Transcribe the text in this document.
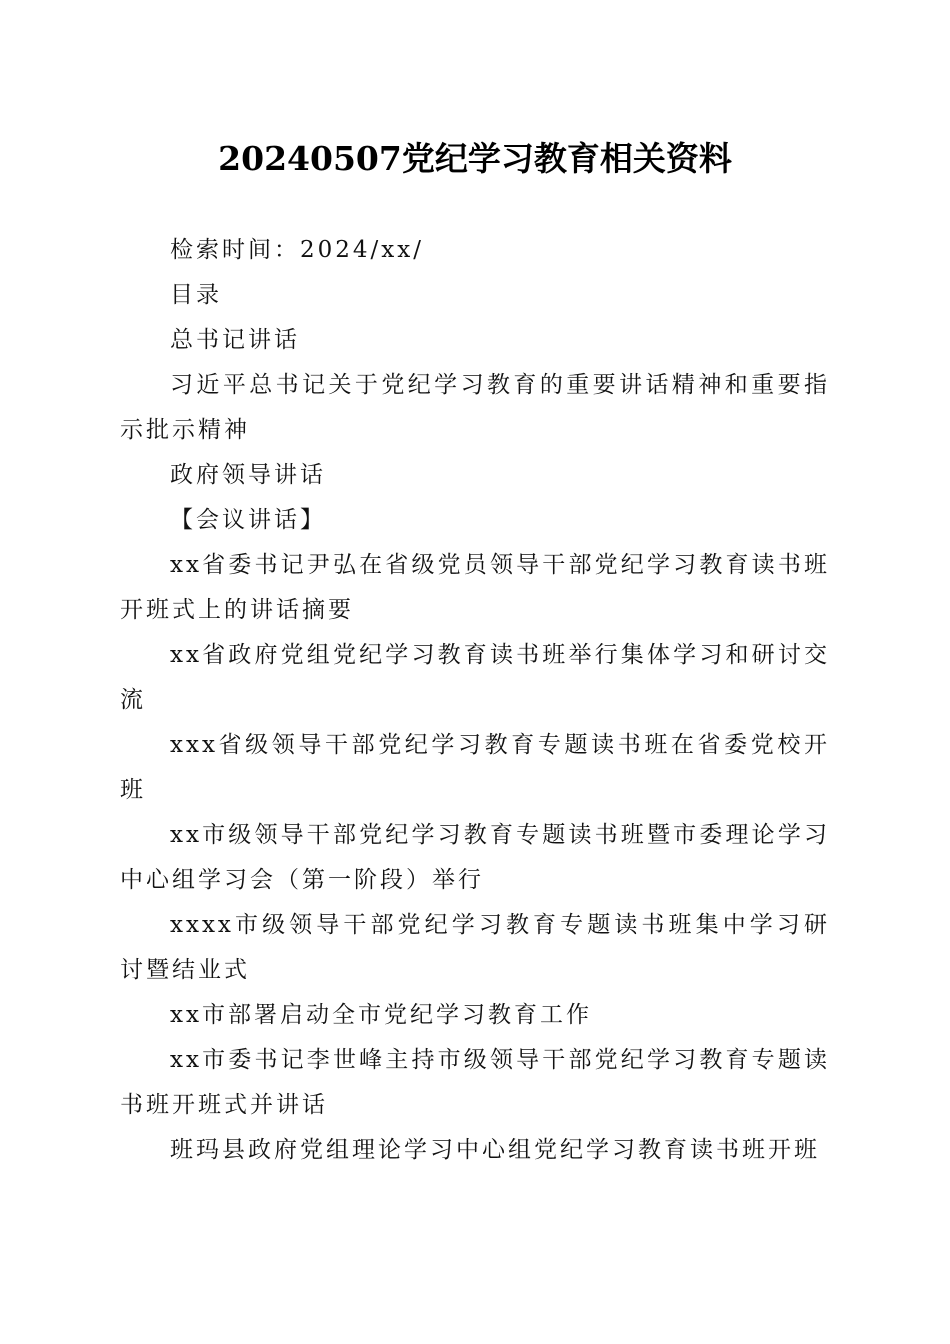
20240507党纪学习教育相关资料

检索时间：2024/xx/

目录

总书记讲话

习近平总书记关于党纪学习教育的重要讲话精神和重要指示批示精神

政府领导讲话

【会议讲话】

xx省委书记尹弘在省级党员领导干部党纪学习教育读书班开班式上的讲话摘要

xx省政府党组党纪学习教育读书班举行集体学习和研讨交流

xxx省级领导干部党纪学习教育专题读书班在省委党校开班

xx市级领导干部党纪学习教育专题读书班暨市委理论学习中心组学习会（第一阶段）举行

xxxx市级领导干部党纪学习教育专题读书班集中学习研讨暨结业式

xx市部署启动全市党纪学习教育工作

xx市委书记李世峰主持市级领导干部党纪学习教育专题读书班开班式并讲话

班玛县政府党组理论学习中心组党纪学习教育读书班开班
